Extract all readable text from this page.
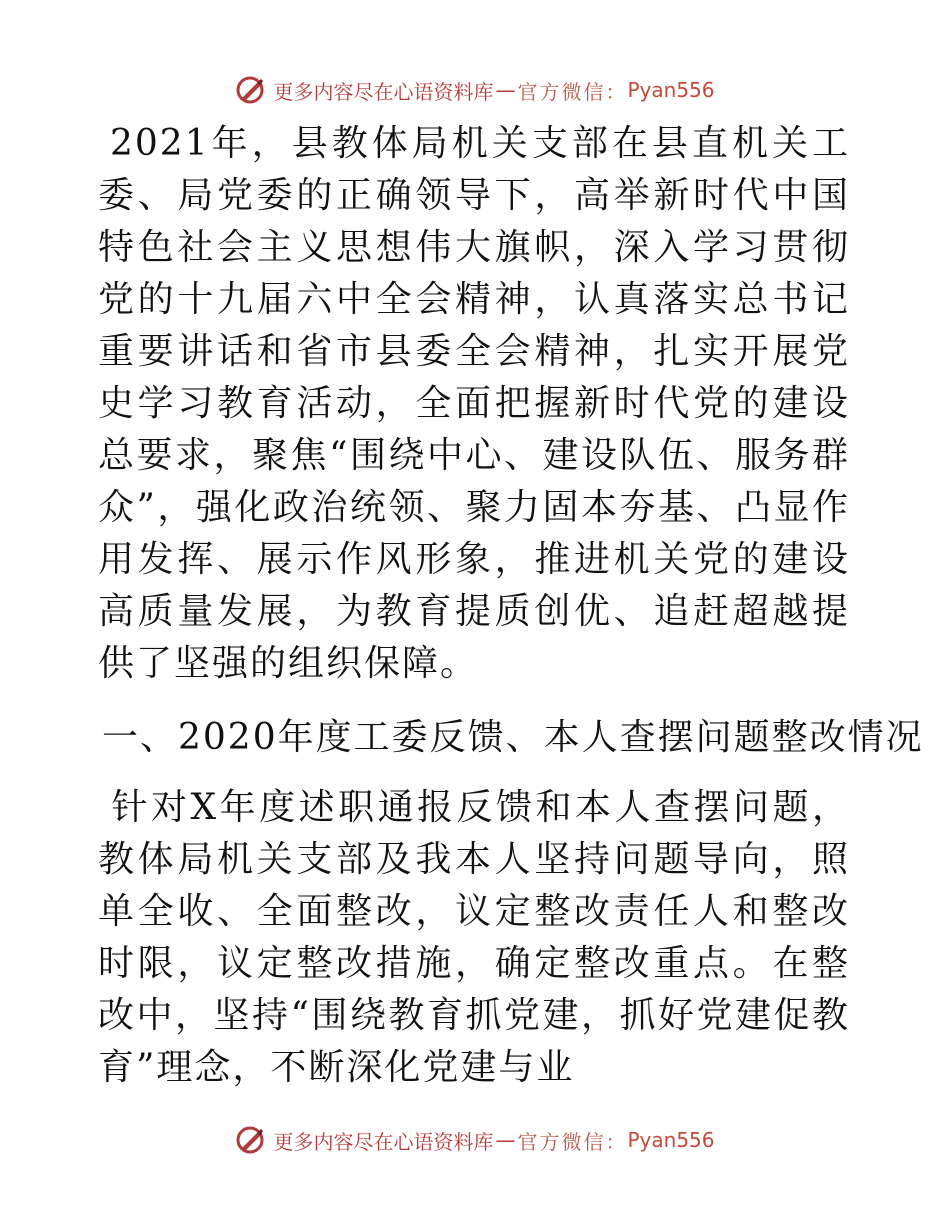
更多内容尽在心语资料库 — 官方微信： Pyan556

2021年，县教体局机关支部在县直机关工委、局党委的正确领导下，高举新时代中国特色社会主义思想伟大旗帜，深入学习贯彻党的十九届六中全会精神，认真落实总书记重要讲话和省市县委全会精神，扎实开展党史学习教育活动，全面把握新时代党的建设总要求，聚焦“围绕中心、建设队伍、服务群众”，强化政治统领、聚力固本夯基、凸显作用发挥、展示作风形象，推进机关党的建设高质量发展，为教育提质创优、追赶超越提供了坚强的组织保障。

一、2020年度工委反馈、本人查摆问题整改情况

针对X年度述职通报反馈和本人查摆问题，教体局机关支部及我本人坚持问题导向，照单全收、全面整改，议定整改责任人和整改时限，议定整改措施，确定整改重点。在整改中，坚持“围绕教育抓党建，抓好党建促教育”理念，不断深化党建与业

更多内容尽在心语资料库 — 官方微信： Pyan556
